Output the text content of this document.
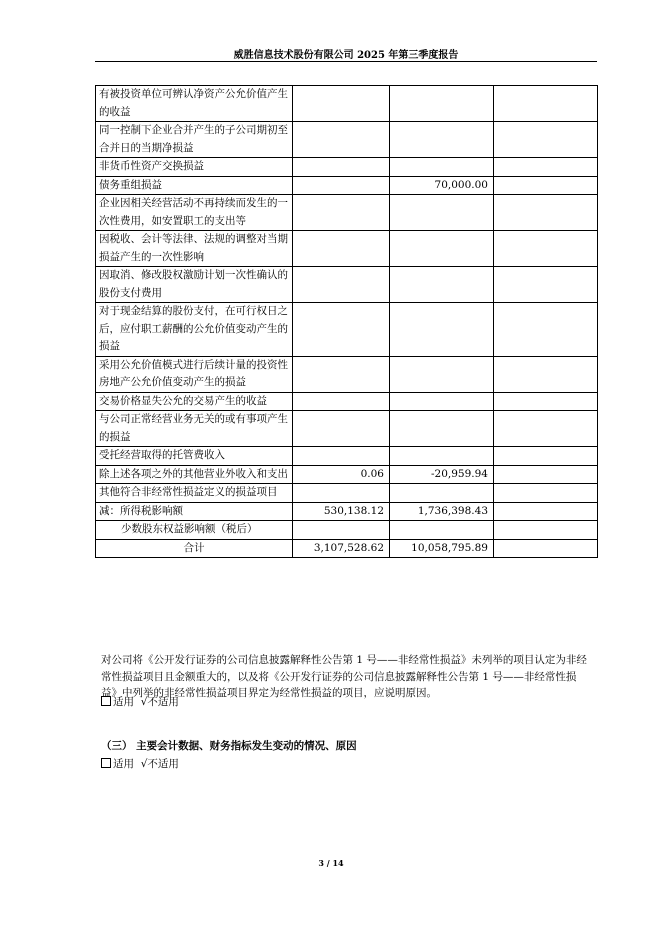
威胜信息技术股份有限公司 2025 年第三季度报告
有被投资单位可辨认净资产公允价值产生的收益			
同一控制下企业合并产生的子公司期初至合并日的当期净损益			
非货币性资产交换损益			
债务重组损益		70,000.00	
企业因相关经营活动不再持续而发生的一次性费用，如安置职工的支出等			
因税收、会计等法律、法规的调整对当期损益产生的一次性影响			
因取消、修改股权激励计划一次性确认的股份支付费用			
对于现金结算的股份支付，在可行权日之后，应付职工薪酬的公允价值变动产生的损益			
采用公允价值模式进行后续计量的投资性房地产公允价值变动产生的损益			
交易价格显失公允的交易产生的收益			
与公司正常经营业务无关的或有事项产生的损益			
受托经营取得的托管费收入			
除上述各项之外的其他营业外收入和支出	0.06	-20,959.94	
其他符合非经常性损益定义的损益项目			
减：所得税影响额	530,138.12	1,736,398.43	
少数股东权益影响额（税后）			
合计	3,107,528.62	10,058,795.89	
对公司将《公开发行证券的公司信息披露解释性公告第 1 号——非经常性损益》未列举的项目认定为非经常性损益项目且金额重大的，以及将《公开发行证券的公司信息披露解释性公告第 1 号——非经常性损益》中列举的非经常性损益项目界定为经常性损益的项目，应说明原因。
适用 √不适用
（三） 主要会计数据、财务指标发生变动的情况、原因
适用 √不适用
3 / 14
